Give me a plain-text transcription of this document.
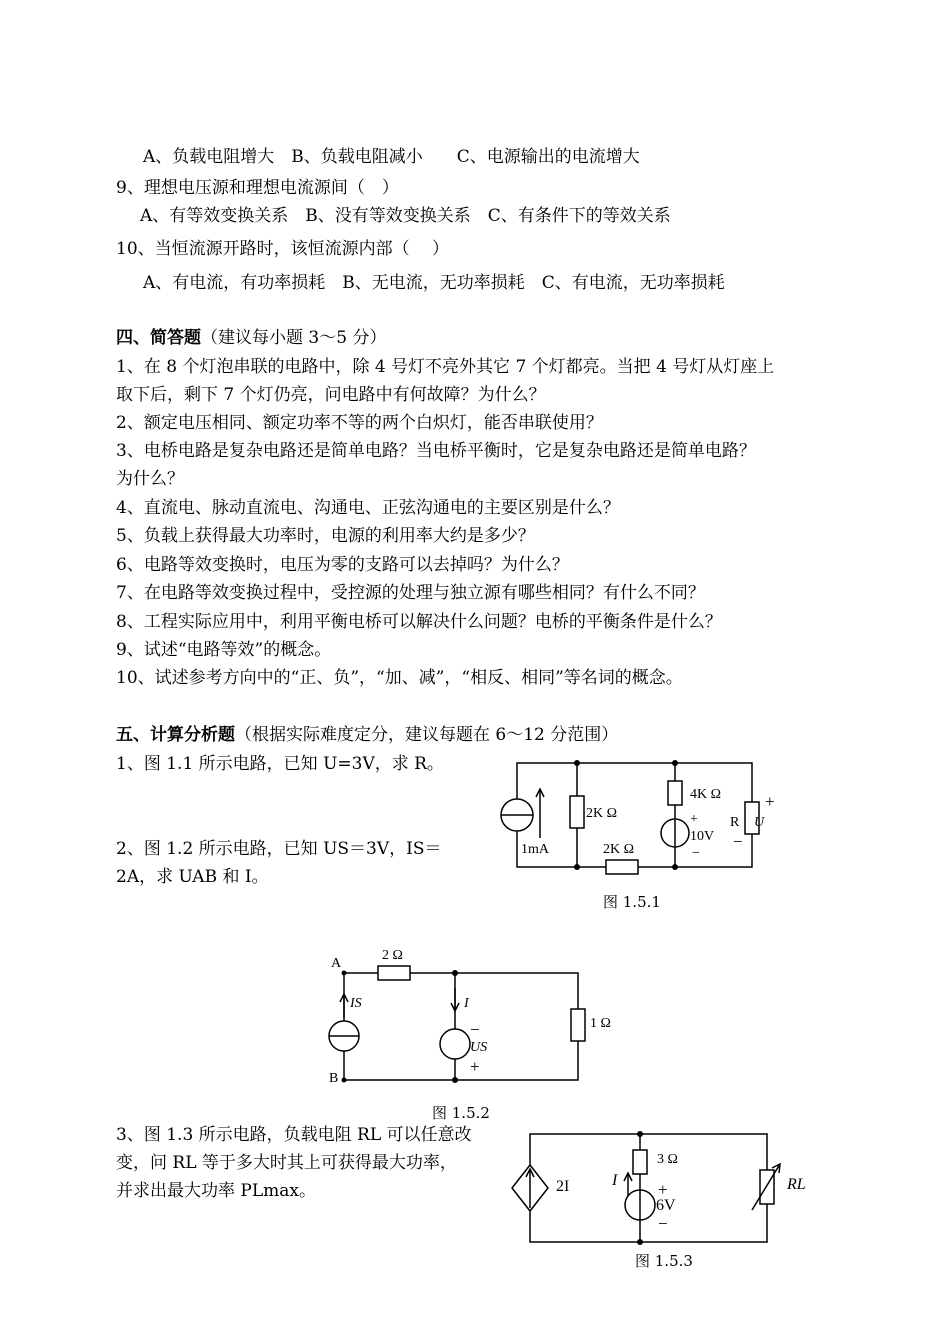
A、负载电阻增大　B、负载电阻减小　　C、电源输出的电流增大
9、理想电压源和理想电流源间（　）
A、有等效变换关系　B、没有等效变换关系　C、有条件下的等效关系
10、当恒流源开路时，该恒流源内部（　 ）
A、有电流，有功率损耗　B、无电流，无功率损耗　C、有电流，无功率损耗
四、简答题（建议每小题 3～5 分）
1、在 8 个灯泡串联的电路中，除 4 号灯不亮外其它 7 个灯都亮。当把 4 号灯从灯座上
取下后，剩下 7 个灯仍亮，问电路中有何故障？为什么？
2、额定电压相同、额定功率不等的两个白炽灯，能否串联使用？
3、电桥电路是复杂电路还是简单电路？当电桥平衡时，它是复杂电路还是简单电路？
为什么？
4、直流电、脉动直流电、沟通电、正弦沟通电的主要区别是什么？
5、负载上获得最大功率时，电源的利用率大约是多少？
6、电路等效变换时，电压为零的支路可以去掉吗？为什么？
7、在电路等效变换过程中，受控源的处理与独立源有哪些相同？有什么不同？
8、工程实际应用中，利用平衡电桥可以解决什么问题？电桥的平衡条件是什么？
9、试述“电路等效”的概念。
10、试述参考方向中的“正、负”，“加、减”，“相反、相同”等名词的概念。
五、计算分析题（根据实际难度定分，建议每题在 6～12 分范围）
1、图 1.1 所示电路，已知 U=3V，求 R。
2、图 1.2 所示电路，已知 US＝3V，IS＝
2A，求 UAB 和 I。
3、图 1.3 所示电路，负载电阻 RL 可以任意改
变，问 RL 等于多大时其上可获得最大功率，
并求出最大功率 PLmax。
2K Ω
4K Ω
2K Ω
1mA
+
10V
−
R U
+
−
图 1.5.1
A
B
2 Ω
1 Ω
IS	I
−
US
+
图 1.5.2
2I
3 Ω
I +
6V
−
RL
图 1.5.3
